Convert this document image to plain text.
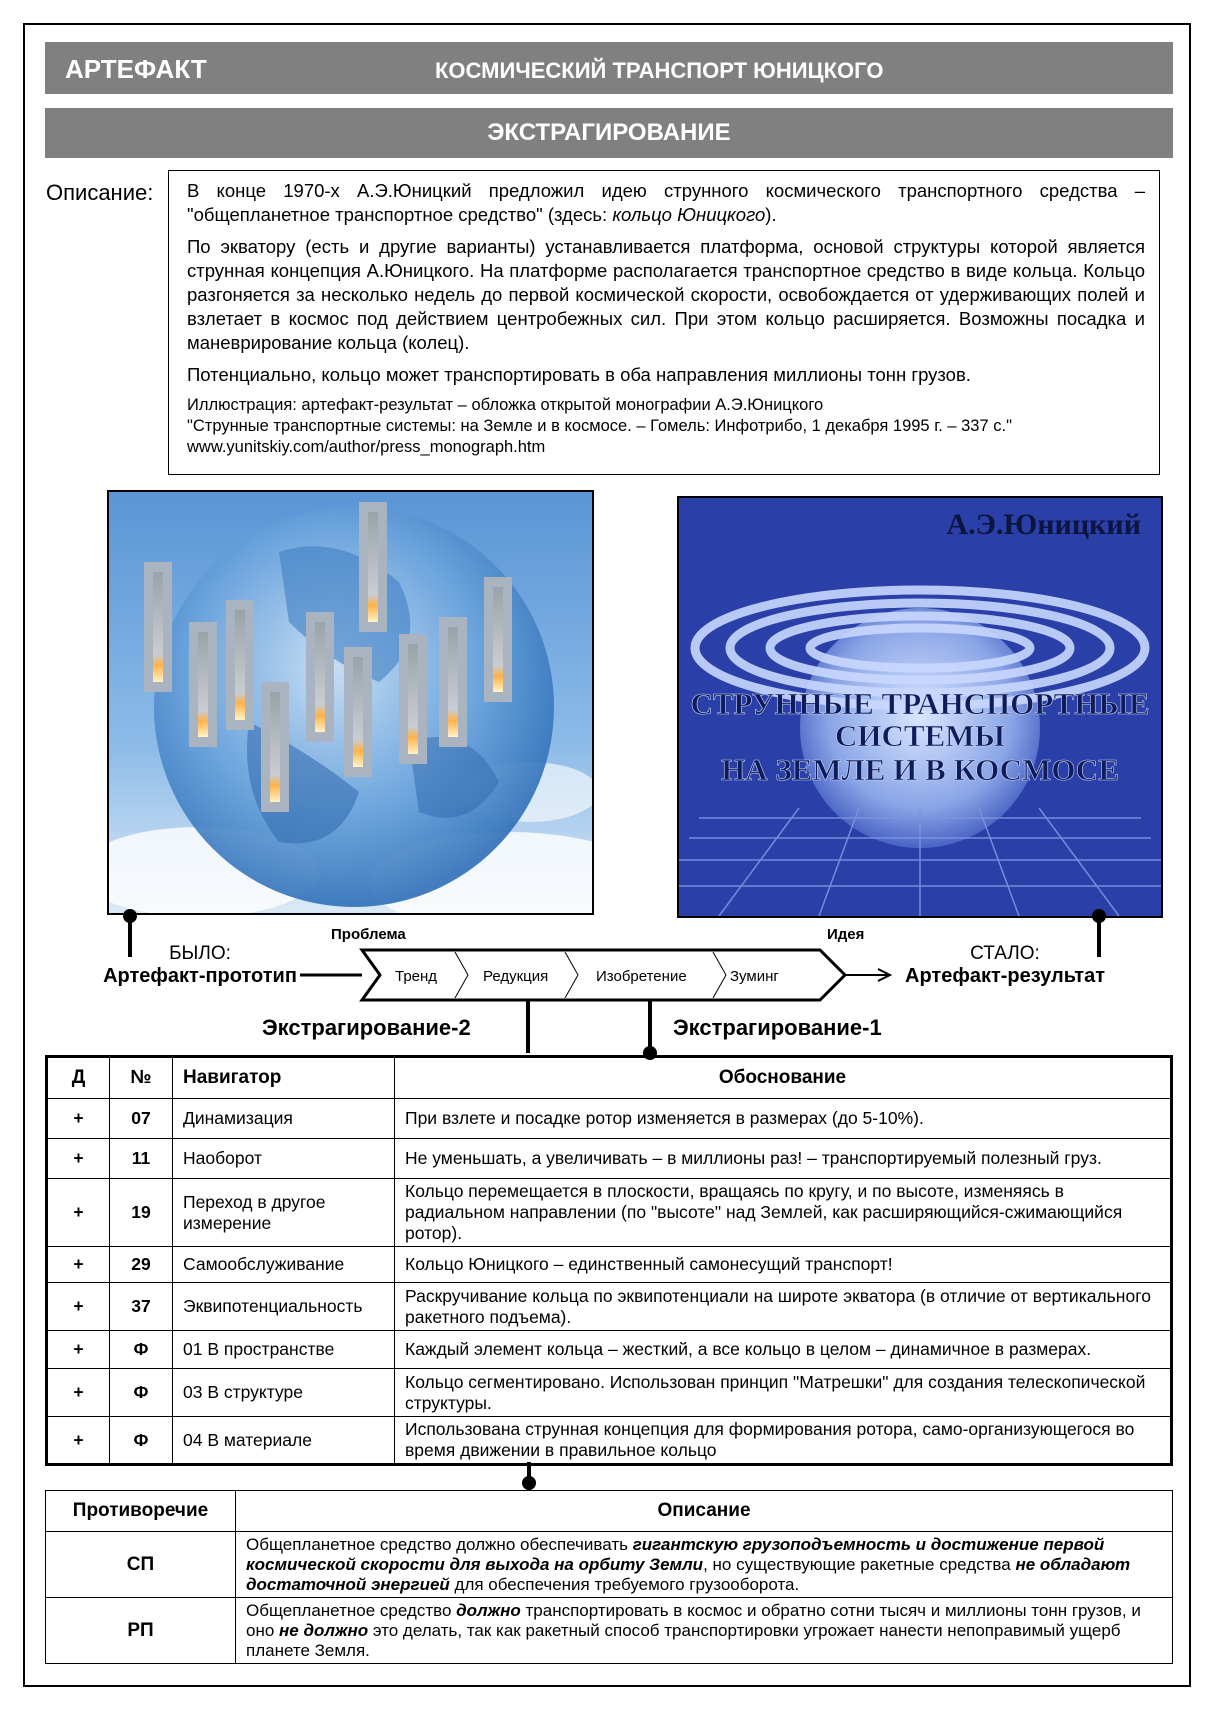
АРТЕФАКТ	КОСМИЧЕСКИЙ ТРАНСПОРТ ЮНИЦКОГО
ЭКСТРАГИРОВАНИЕ
Описание: В конце 1970-х А.Э.Юницкий предложил идею струнного космического транспортного средства – "общепланетное транспортное средство" (здесь: кольцо Юницкого).

По экватору (есть и другие варианты) устанавливается платформа, основой структуры которой является струнная концепция А.Юницкого. На платформе располагается транспортное средство в виде кольца. Кольцо разгоняется за несколько недель до первой космической скорости, освобождается от удерживающих полей и взлетает в космос под действием центробежных сил. При этом кольцо расширяется. Возможны посадка и маневрирование кольца (колец).

Потенциально, кольцо может транспортировать в оба направления миллионы тонн грузов.

Иллюстрация: артефакт-результат – обложка открытой монографии А.Э.Юницкого
"Струнные транспортные системы: на Земле и в космосе. – Гомель: Инфотрибо, 1 декабря 1995 г. – 337 с."
www.yunitskiy.com/author/press_monograph.htm
Проблема
А.Э.Юницкий
СТРУННЫЕ ТРАНСПОРТНЫЕ
СИСТЕМЫ
НА ЗЕМЛЕ И В КОСМОСЕ
Идея
БЫЛО:
Артефакт-прототип
СТАЛО:
Артефакт-результат
Тренд	Редукция	Изобретение	Зуминг
Экстрагирование-2	Экстрагирование-1
Д	№	Навигатор	Обоснование
+	07	Динамизация	При взлете и посадке ротор изменяется в размерах (до 5-10%).
+	11	Наоборот	Не уменьшать, а увеличивать – в миллионы раз! – транспортируемый полезный груз.
+	19	Переход в другое измерение	Кольцо перемещается в плоскости, вращаясь по кругу, и по высоте, изменяясь в радиальном направлении (по "высоте" над Землей, как расширяющийся-сжимающийся ротор).
+	29	Самообслуживание	Кольцо Юницкого – единственный самонесущий транспорт!
+	37	Эквипотенциальность	Раскручивание кольца по эквипотенциали на широте экватора (в отличие от вертикального ракетного подъема).
+	Ф	01 В пространстве	Каждый элемент кольца – жесткий, а все кольцо в целом – динамичное в размерах.
+	Ф	03 В структуре	Кольцо сегментировано. Использован принцип "Матрешки" для создания телескопической структуры.
+	Ф	04 В материале	Использована струнная концепция для формирования ротора, само-организующегося во время движении в правильное кольцо
Противоречие	Описание
СП	Общепланетное средство должно обеспечивать гигантскую грузоподъемность и достижение первой космической скорости для выхода на орбиту Земли, но существующие ракетные средства не обладают достаточной энергией для обеспечения требуемого грузооборота.
РП	Общепланетное средство должно транспортировать в космос и обратно сотни тысяч и миллионы тонн грузов, и оно не должно это делать, так как ракетный способ транспортировки угрожает нанести непоправимый ущерб планете Земля.
